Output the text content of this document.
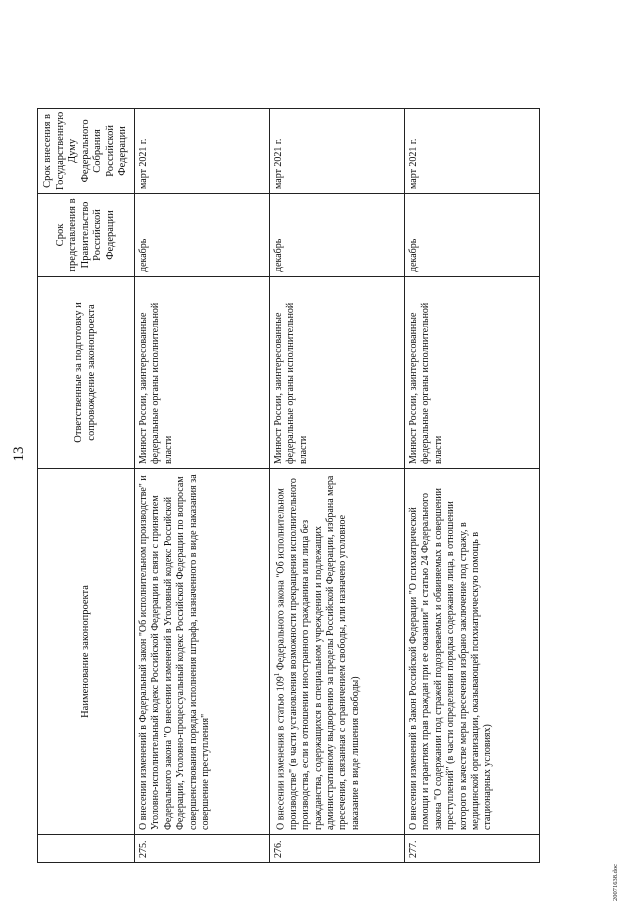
13
	Наименование законопроекта	Ответственные за подготовку и сопровождение законопроекта	Срок представления в Правительство Российской Федерации	Срок внесения в Государственную Думу Федерального Собрания Российской Федерации
275.	О внесении изменений в Федеральный закон "Об исполнительном производстве" и Уголовно-исполнительный кодекс Российской Федерации в связи с принятием Федерального закона "О внесении изменений в Уголовный кодекс Российской Федерации, Уголовно-процессуальный кодекс Российской Федерации по вопросам совершенствования порядка исполнения штрафа, назначенного в виде наказания за совершение преступления"	Минюст России, заинтересованные федеральные органы исполнительной власти	декабрь	март 2021 г.
276.	О внесении изменения в статью $109^1$ Федерального закона "Об исполнительном производстве" (в части установления возможности прекращения исполнительного производства, если в отношении иностранного гражданина или лица без гражданства, содержащихся в специальном учреждении и подлежащих административному выдворению за пределы Российской Федерации, избрана мера пресечения, связанная с ограничением свободы, или назначено уголовное наказание в виде лишения свободы)	Минюст России, заинтересованные федеральные органы исполнительной власти	декабрь	март 2021 г.
277.	О внесении изменений в Закон Российской Федерации "О психиатрической помощи и гарантиях прав граждан при ее оказании" и статью 24 Федерального закона "О содержании под стражей подозреваемых и обвиняемых в совершении преступлений" (в части определения порядка содержания лица, в отношении которого в качестве меры пресечения избрано заключение под стражу, в медицинской организации, оказывающей психиатрическую помощь в стационарных условиях)	Минюст России, заинтересованные федеральные органы исполнительной власти	декабрь	март 2021 г.
20071638.doc
